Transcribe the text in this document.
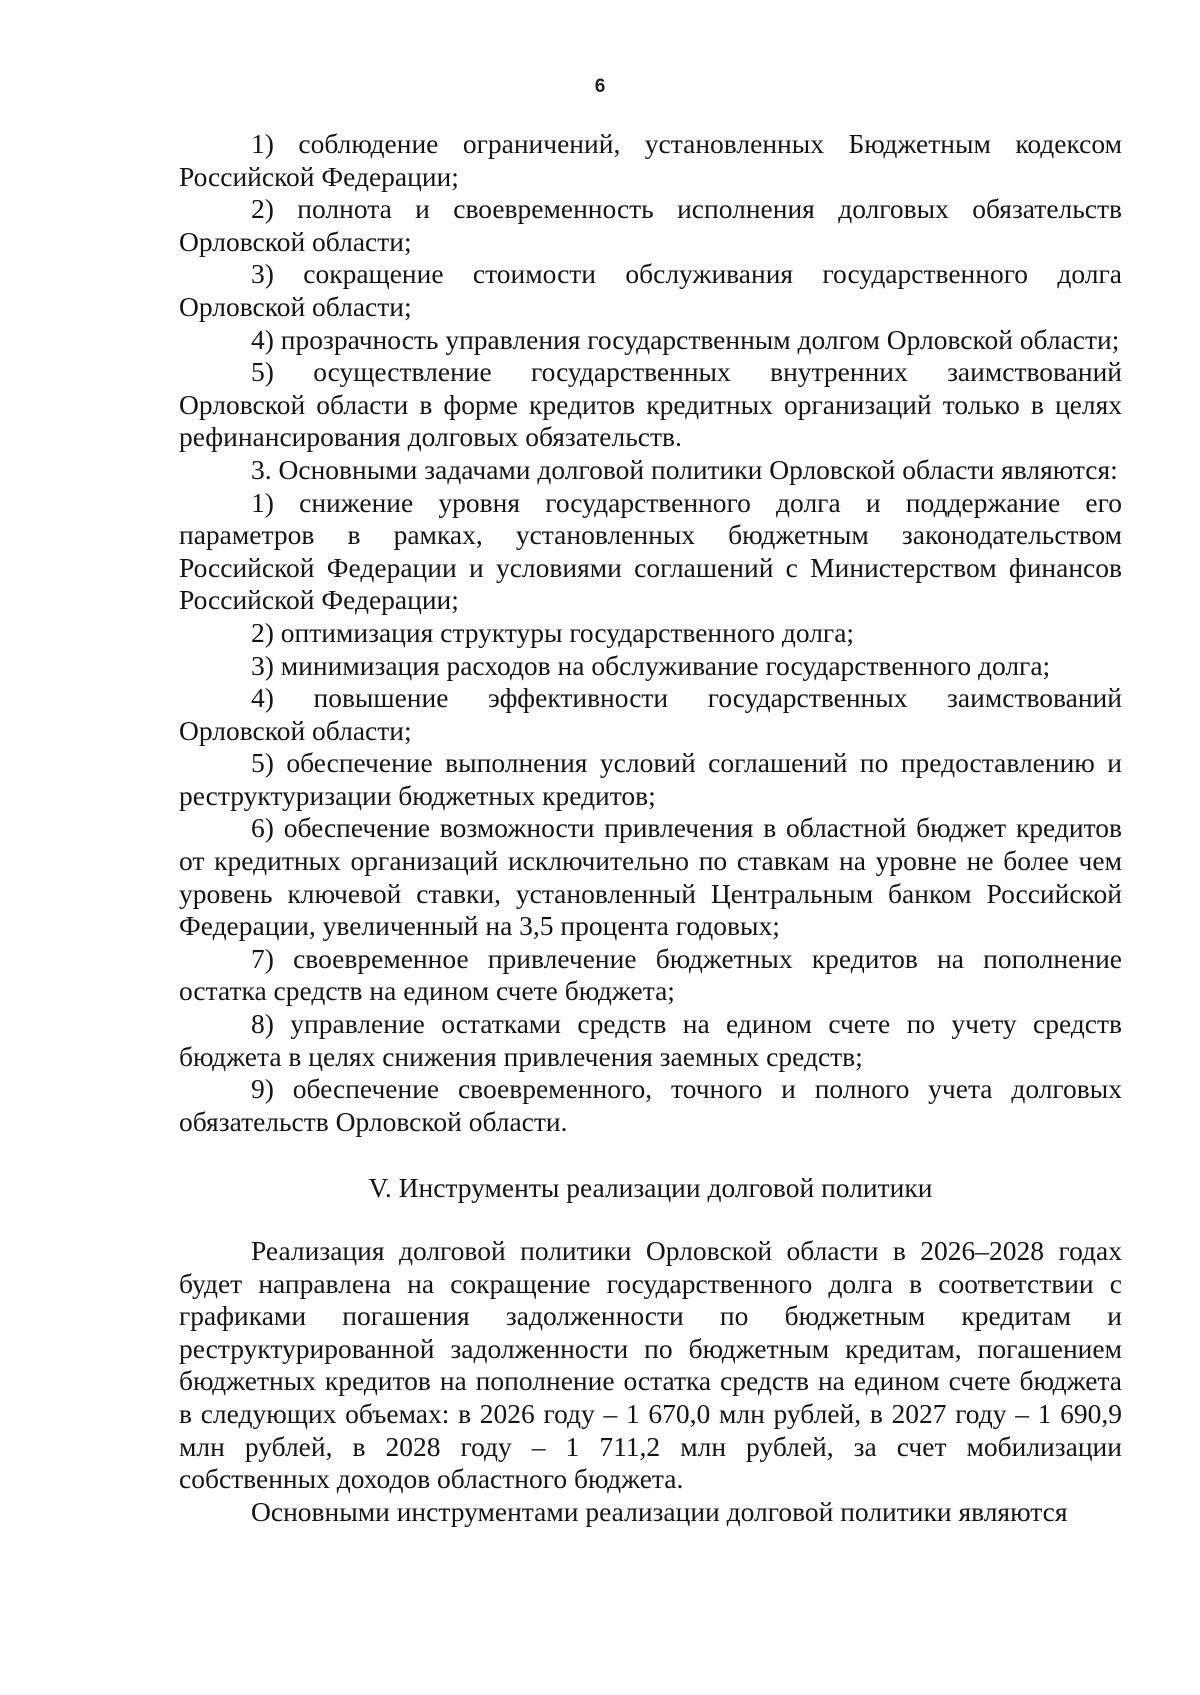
6

1) соблюдение ограничений, установленных Бюджетным кодексом Российской Федерации;

2) полнота и своевременность исполнения долговых обязательств Орловской области;

3) сокращение стоимости обслуживания государственного долга Орловской области;

4) прозрачность управления государственным долгом Орловской области;

5) осуществление государственных внутренних заимствований Орловской области в форме кредитов кредитных организаций только в целях рефинансирования долговых обязательств.

3. Основными задачами долговой политики Орловской области являются:

1) снижение уровня государственного долга и поддержание его параметров в рамках, установленных бюджетным законодательством Российской Федерации и условиями соглашений с Министерством финансов Российской Федерации;

2) оптимизация структуры государственного долга;

3) минимизация расходов на обслуживание государственного долга;

4) повышение эффективности государственных заимствований Орловской области;

5) обеспечение выполнения условий соглашений по предоставлению и реструктуризации бюджетных кредитов;

6) обеспечение возможности привлечения в областной бюджет кредитов от кредитных организаций исключительно по ставкам на уровне не более чем уровень ключевой ставки, установленный Центральным банком Российской Федерации, увеличенный на 3,5 процента годовых;

7) своевременное привлечение бюджетных кредитов на пополнение остатка средств на едином счете бюджета;

8) управление остатками средств на едином счете по учету средств бюджета в целях снижения привлечения заемных средств;

9) обеспечение своевременного, точного и полного учета долговых обязательств Орловской области.

V. Инструменты реализации долговой политики

Реализация долговой политики Орловской области в 2026–2028 годах будет направлена на сокращение государственного долга в соответствии с графиками погашения задолженности по бюджетным кредитам и реструктурированной задолженности по бюджетным кредитам, погашением бюджетных кредитов на пополнение остатка средств на едином счете бюджета в следующих объемах: в 2026 году – 1 670,0 млн рублей, в 2027 году – 1 690,9 млн рублей, в 2028 году – 1 711,2 млн рублей, за счет мобилизации собственных доходов областного бюджета.

Основными инструментами реализации долговой политики являются
